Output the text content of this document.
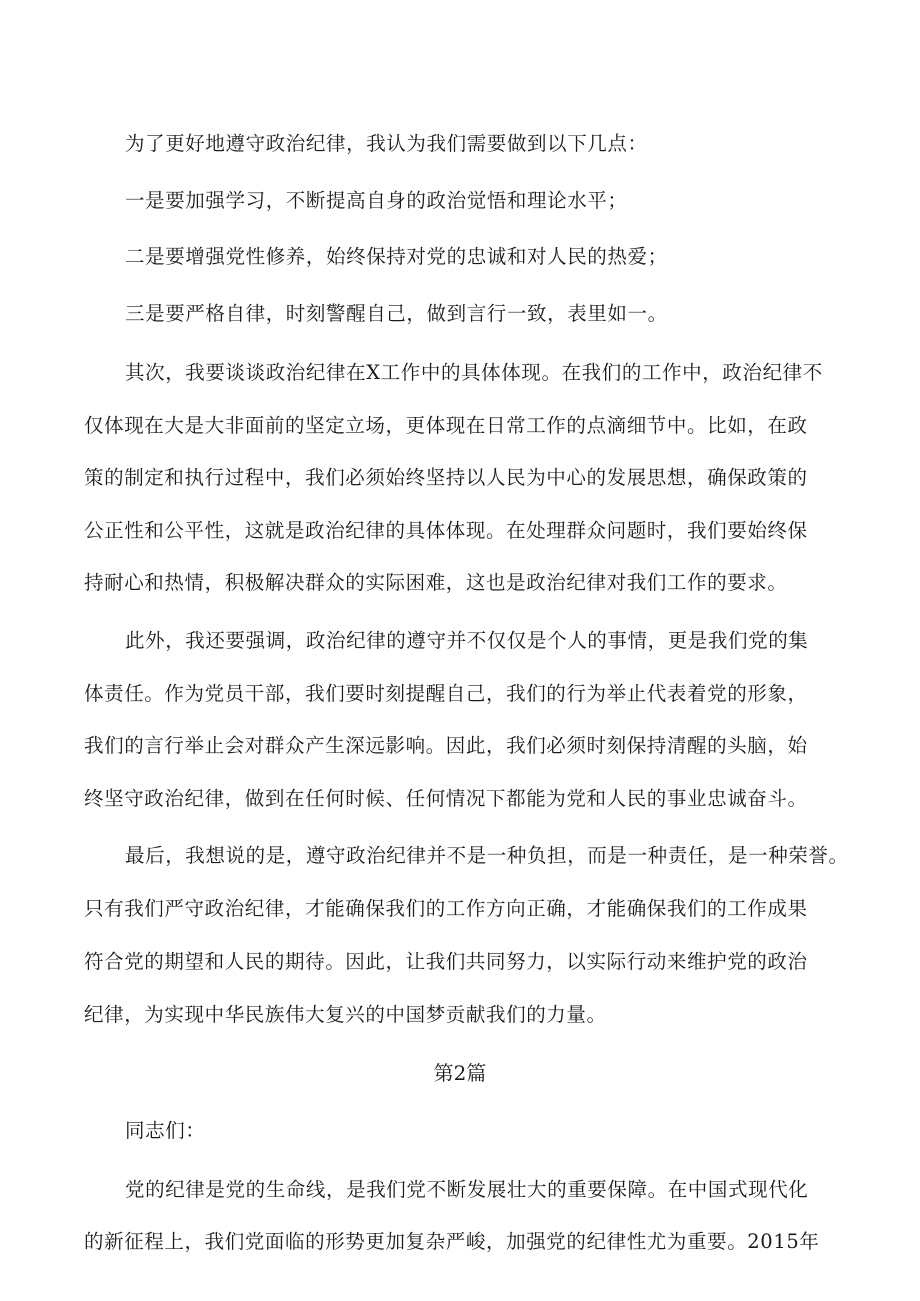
为了更好地遵守政治纪律，我认为我们需要做到以下几点：
一是要加强学习，不断提高自身的政治觉悟和理论水平；
二是要增强党性修养，始终保持对党的忠诚和对人民的热爱；
三是要严格自律，时刻警醒自己，做到言行一致，表里如一。
其次，我要谈谈政治纪律在X工作中的具体体现。在我们的工作中，政治纪律不
仅体现在大是大非面前的坚定立场，更体现在日常工作的点滴细节中。比如，在政
策的制定和执行过程中，我们必须始终坚持以人民为中心的发展思想，确保政策的
公正性和公平性，这就是政治纪律的具体体现。在处理群众问题时，我们要始终保
持耐心和热情，积极解决群众的实际困难，这也是政治纪律对我们工作的要求。
此外，我还要强调，政治纪律的遵守并不仅仅是个人的事情，更是我们党的集
体责任。作为党员干部，我们要时刻提醒自己，我们的行为举止代表着党的形象，
我们的言行举止会对群众产生深远影响。因此，我们必须时刻保持清醒的头脑，始
终坚守政治纪律，做到在任何时候、任何情况下都能为党和人民的事业忠诚奋斗。
最后，我想说的是，遵守政治纪律并不是一种负担，而是一种责任，是一种荣誉。
只有我们严守政治纪律，才能确保我们的工作方向正确，才能确保我们的工作成果
符合党的期望和人民的期待。因此，让我们共同努力，以实际行动来维护党的政治
纪律，为实现中华民族伟大复兴的中国梦贡献我们的力量。
第2篇
同志们：
党的纪律是党的生命线，是我们党不断发展壮大的重要保障。在中国式现代化
的新征程上，我们党面临的形势更加复杂严峻，加强党的纪律性尤为重要。2015年
